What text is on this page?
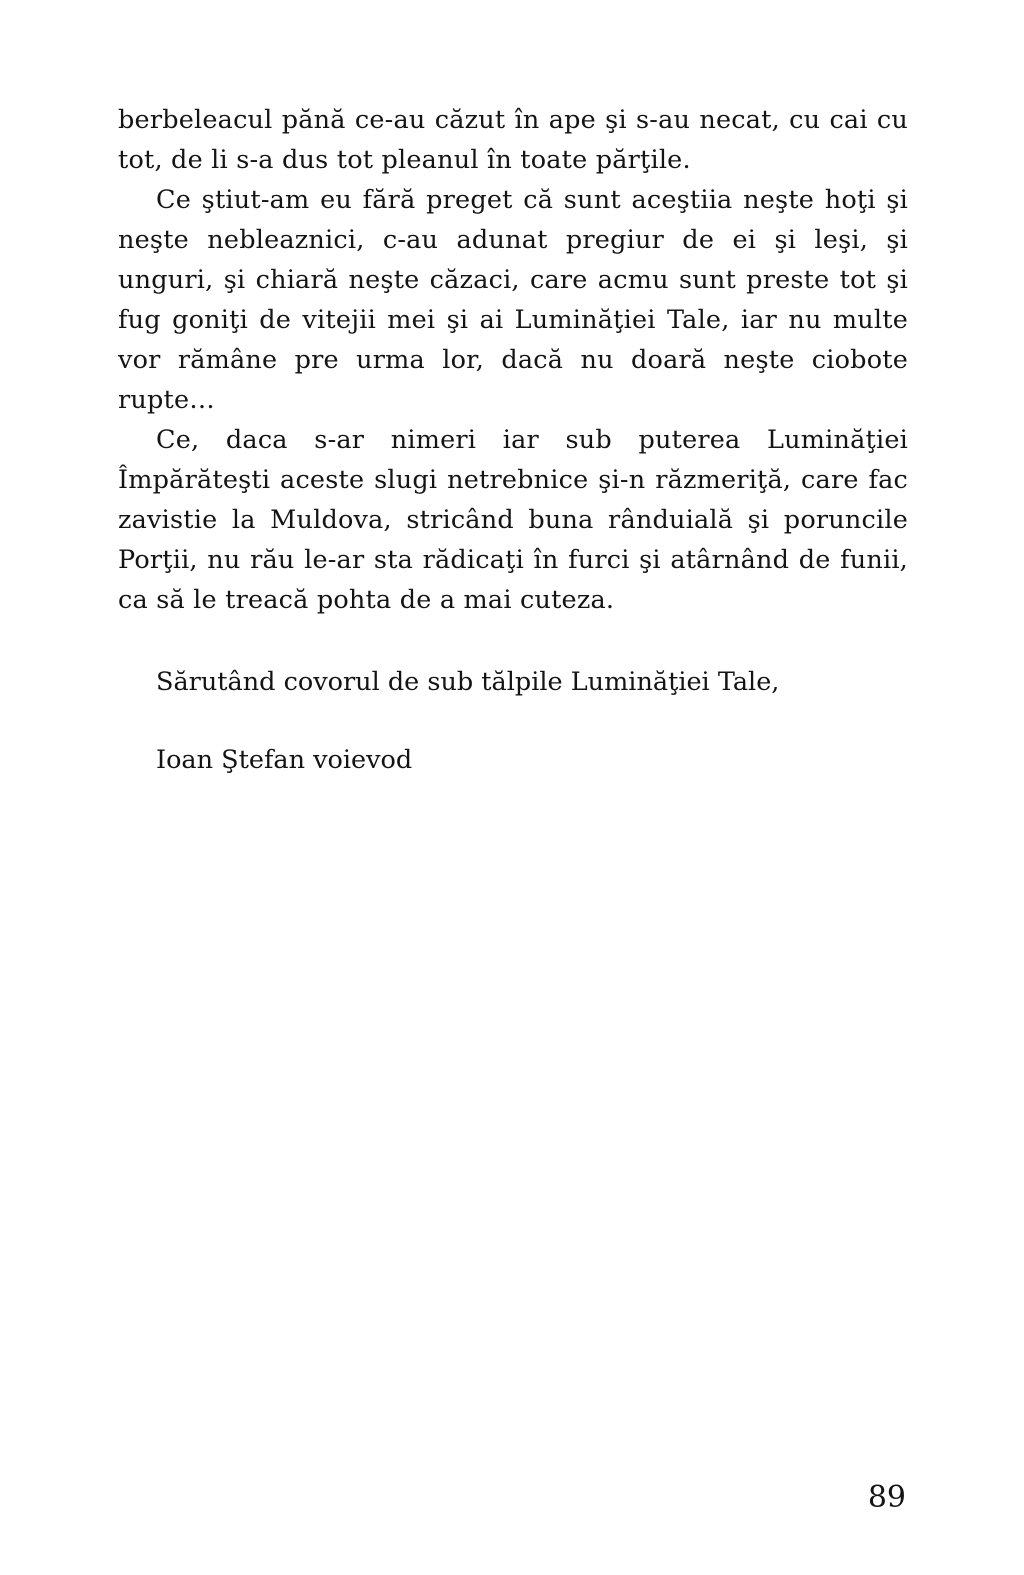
berbeleacul pănă ce-au căzut în ape şi s-au necat, cu cai cu tot, de li s-a dus tot pleanul în toate părţile.

Ce ştiut-am eu fără preget că sunt aceştiia neşte hoţi şi neşte nebleaznici, c-au adunat pregiur de ei şi leşi, şi unguri, şi chiară neşte căzaci, care acmu sunt preste tot şi fug goniţi de vitejii mei şi ai Luminăţiei Tale, iar nu multe vor rămâne pre urma lor, dacă nu doară neşte ciobote rupte…

Ce, daca s-ar nimeri iar sub puterea Luminăţiei Împărăteşti aceste slugi netrebnice şi-n răzmeriţă, care fac zavistie la Muldova, stricând buna rânduială şi poruncile Porţii, nu rău le-ar sta rădicaţi în furci şi atârnând de funii, ca să le treacă pohta de a mai cuteza.

Sărutând covorul de sub tălpile Luminăţiei Tale,

Ioan Ştefan voievod

89
